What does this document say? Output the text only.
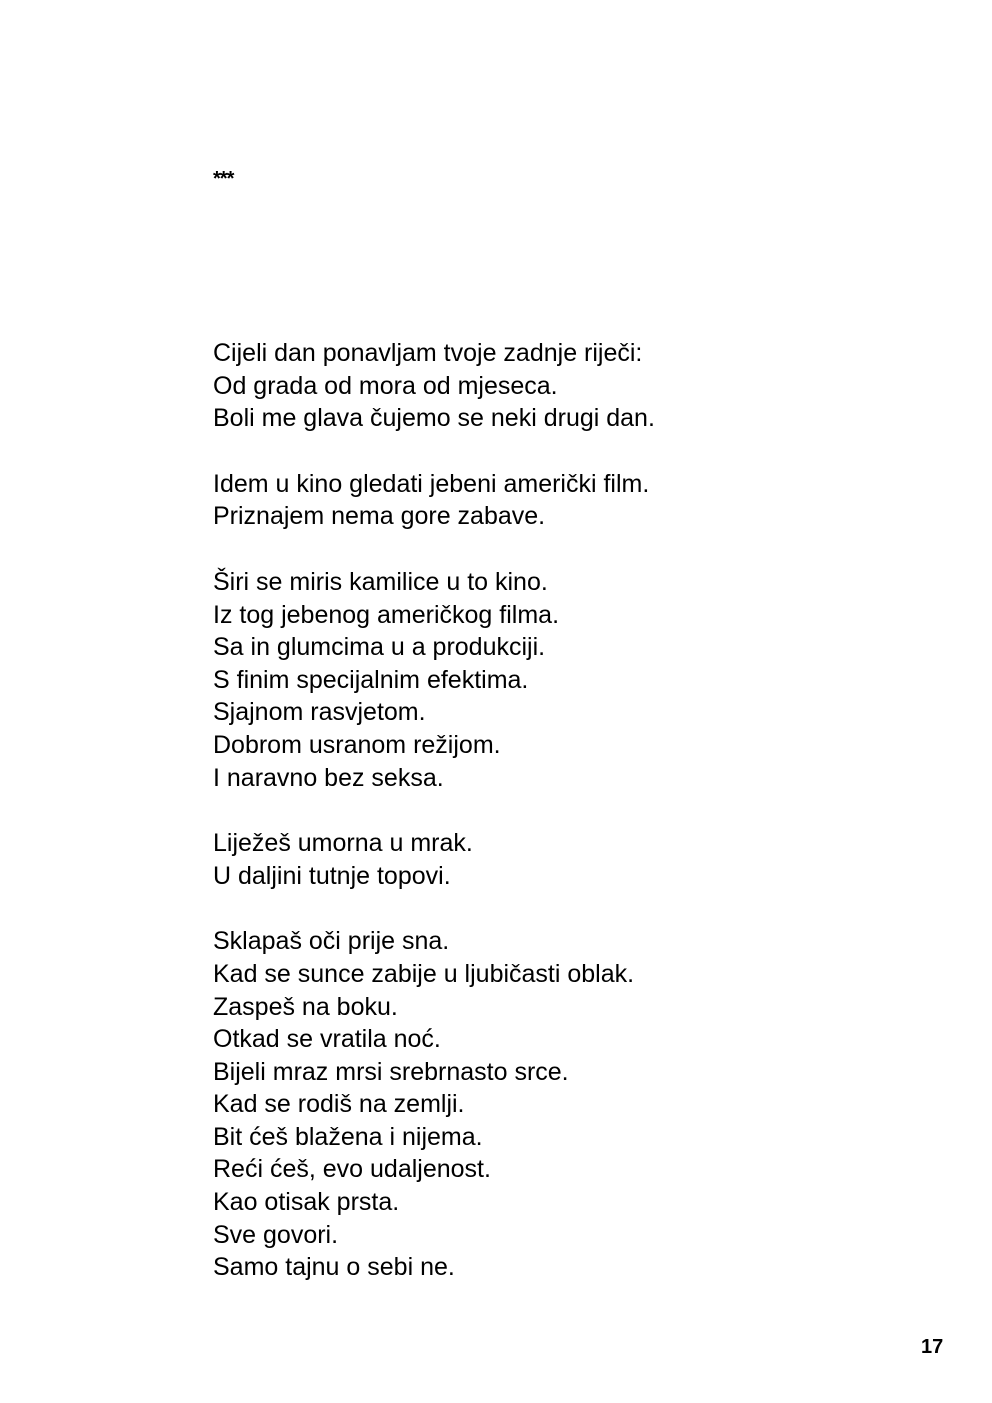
***
Cijeli dan ponavljam tvoje zadnje riječi:
Od grada od mora od mjeseca.
Boli me glava čujemo se neki drugi dan.
Idem u kino gledati jebeni američki film.
Priznajem nema gore zabave.
Širi se miris kamilice u to kino.
Iz tog jebenog američkog filma.
Sa in glumcima u a produkciji.
S finim specijalnim efektima.
Sjajnom rasvjetom.
Dobrom usranom režijom.
I naravno bez seksa.
Liježeš umorna u mrak.
U daljini tutnje topovi.
Sklapaš oči prije sna.
Kad se sunce zabije u ljubičasti oblak.
Zaspeš na boku.
Otkad se vratila noć.
Bijeli mraz mrsi srebrnasto srce.
Kad se rodiš na zemlji.
Bit ćeš blažena i nijema.
Reći ćeš, evo udaljenost.
Kao otisak prsta.
Sve govori.
Samo tajnu o sebi ne.
17
